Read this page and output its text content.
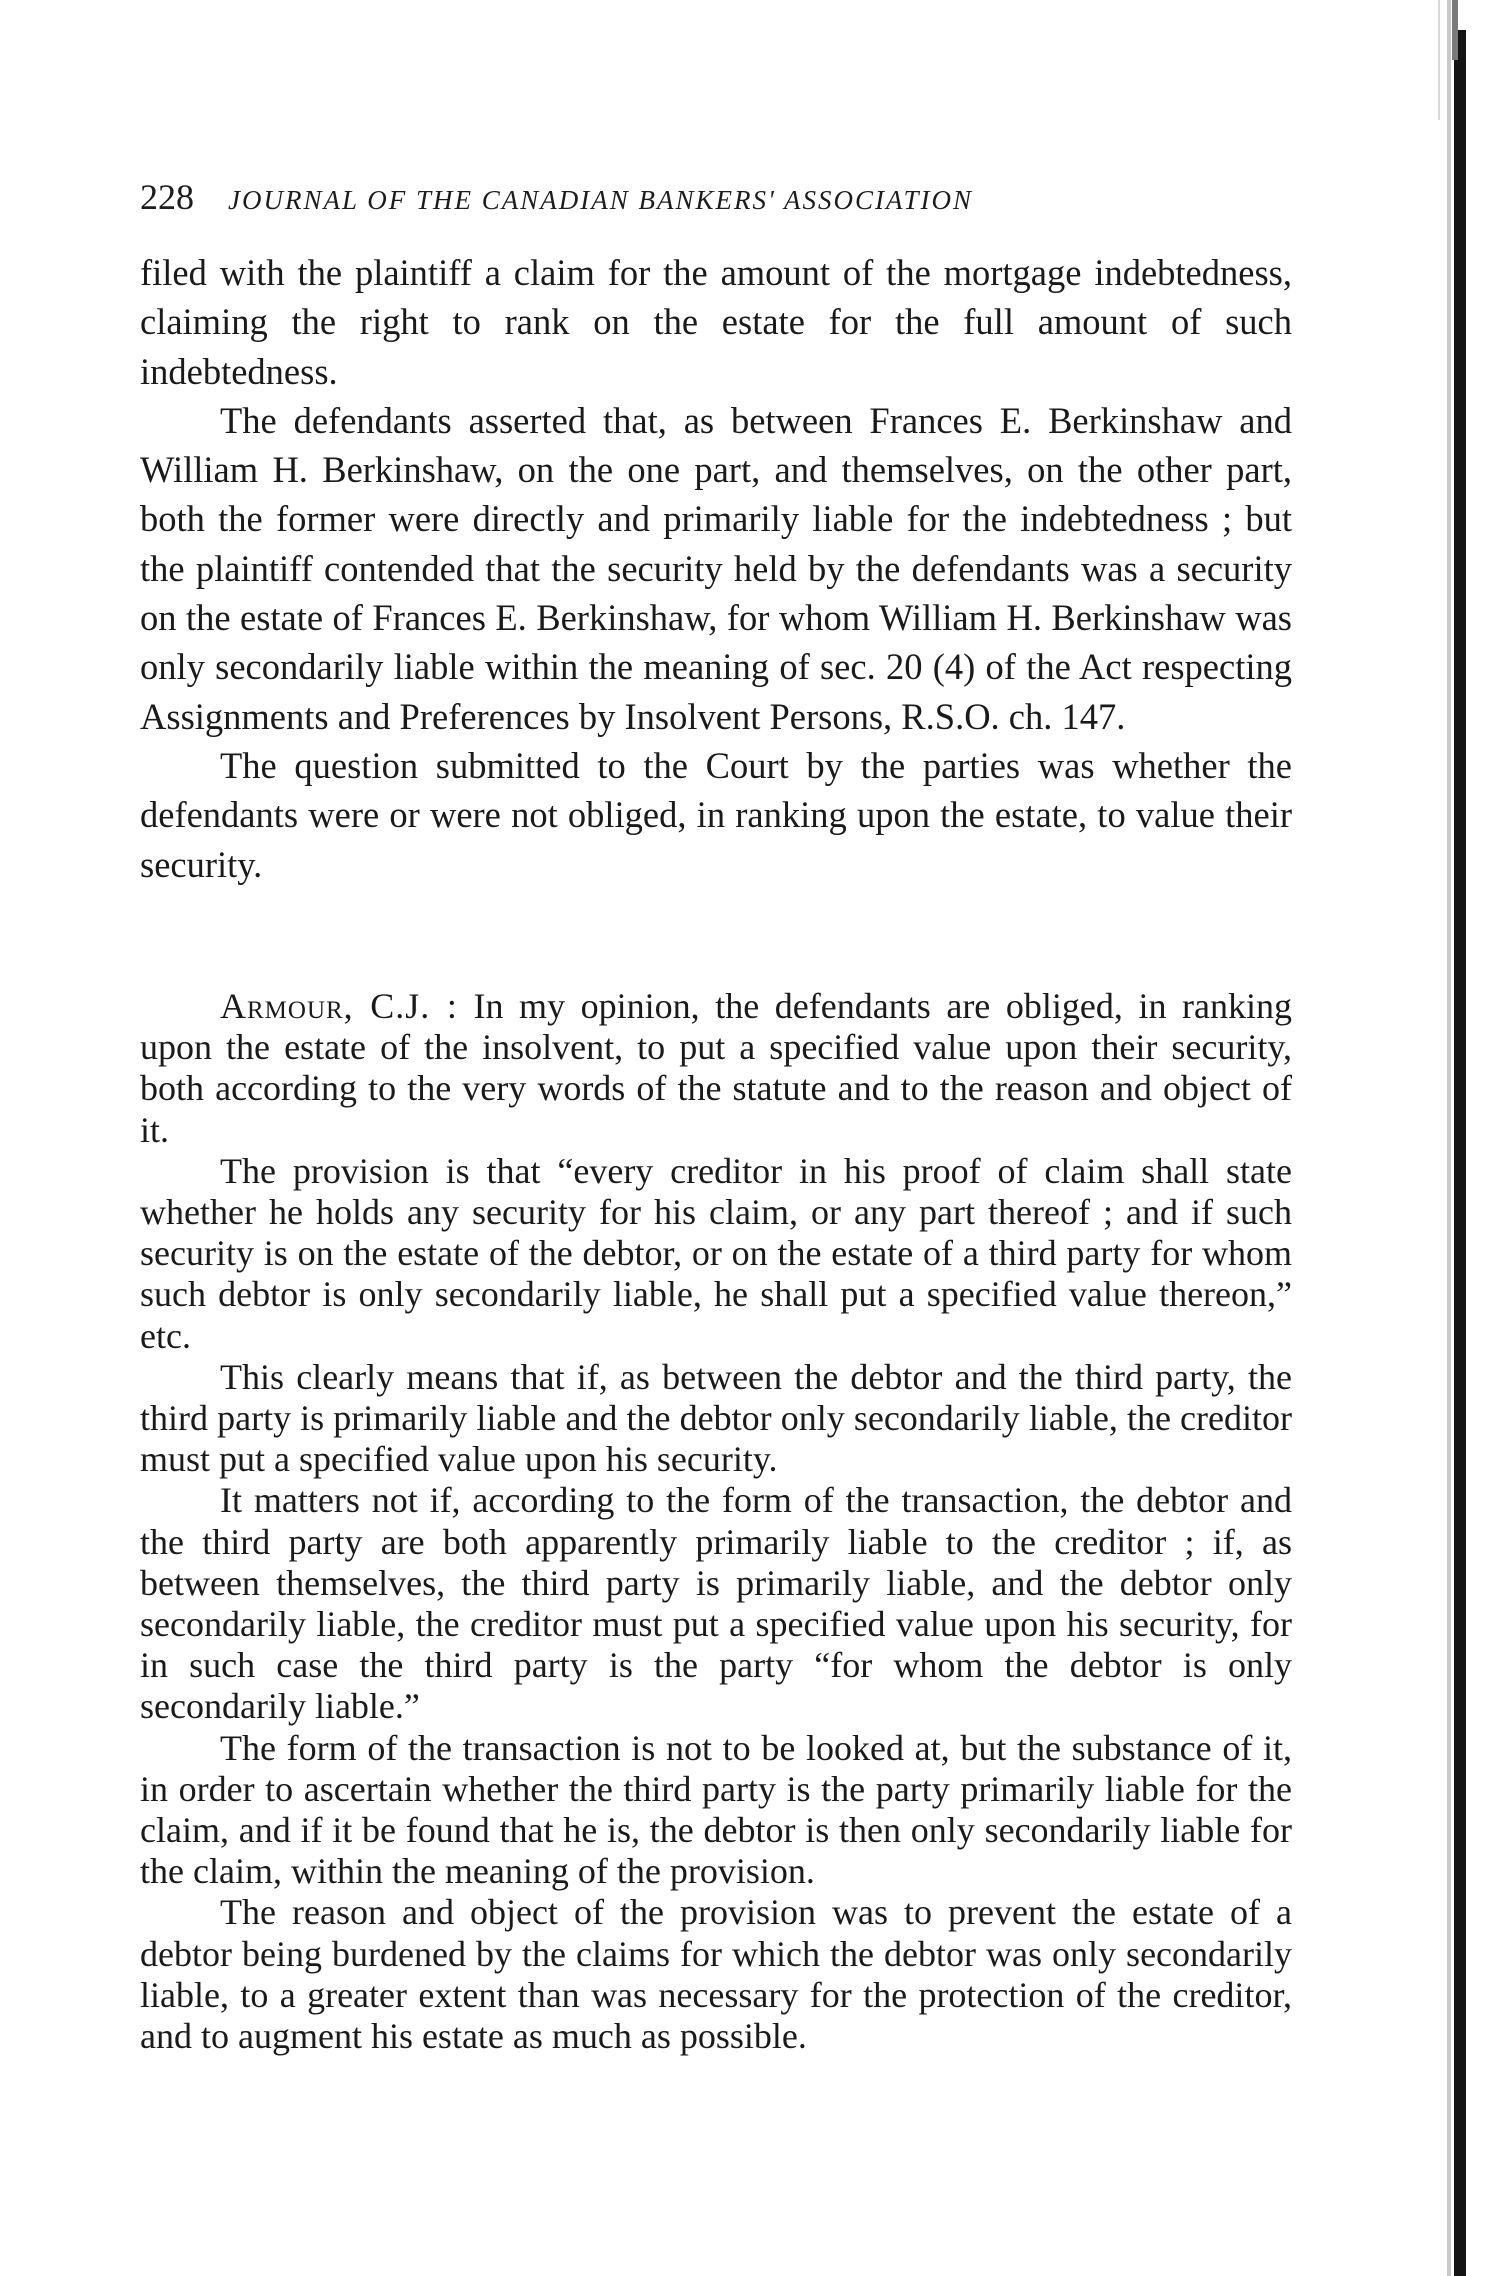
228 JOURNAL OF THE CANADIAN BANKERS' ASSOCIATION

filed with the plaintiff a claim for the amount of the mortgage indebtedness, claiming the right to rank on the estate for the full amount of such indebtedness.

The defendants asserted that, as between Frances E. Berkinshaw and William H. Berkinshaw, on the one part, and themselves, on the other part, both the former were directly and primarily liable for the indebtedness ; but the plaintiff contended that the security held by the defendants was a security on the estate of Frances E. Berkinshaw, for whom William H. Berkinshaw was only secondarily liable within the meaning of sec. 20 (4) of the Act respecting Assignments and Preferences by Insolvent Persons, R.S.O. ch. 147.

The question submitted to the Court by the parties was whether the defendants were or were not obliged, in ranking upon the estate, to value their security.

Armour, C.J. : In my opinion, the defendants are obliged, in ranking upon the estate of the insolvent, to put a specified value upon their security, both according to the very words of the statute and to the reason and object of it.

The provision is that “every creditor in his proof of claim shall state whether he holds any security for his claim, or any part thereof ; and if such security is on the estate of the debtor, or on the estate of a third party for whom such debtor is only secondarily liable, he shall put a specified value thereon,” etc.

This clearly means that if, as between the debtor and the third party, the third party is primarily liable and the debtor only secondarily liable, the creditor must put a specified value upon his security.

It matters not if, according to the form of the transaction, the debtor and the third party are both apparently primarily liable to the creditor ; if, as between themselves, the third party is primarily liable, and the debtor only secondarily liable, the creditor must put a specified value upon his security, for in such case the third party is the party “for whom the debtor is only secondarily liable.”

The form of the transaction is not to be looked at, but the substance of it, in order to ascertain whether the third party is the party primarily liable for the claim, and if it be found that he is, the debtor is then only secondarily liable for the claim, within the meaning of the provision.

The reason and object of the provision was to prevent the estate of a debtor being burdened by the claims for which the debtor was only secondarily liable, to a greater extent than was necessary for the protection of the creditor, and to augment his estate as much as possible.
